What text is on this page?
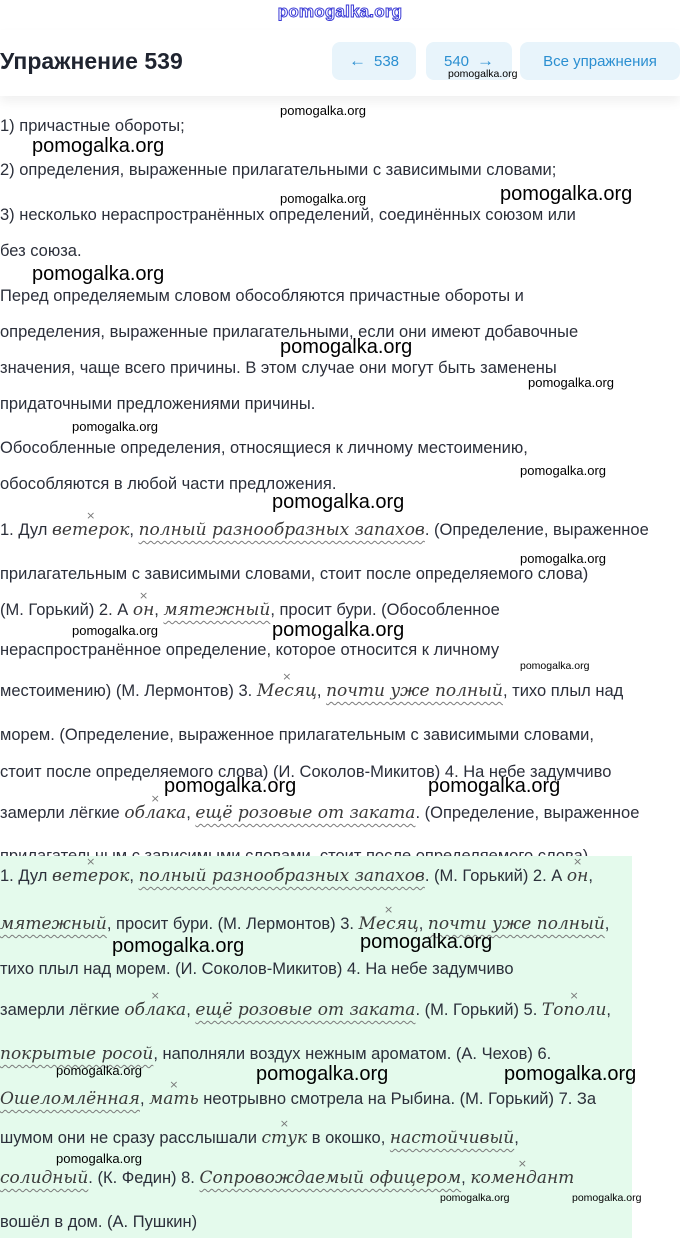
pomogalka.org
Упражнение 539	← 538	540 →	Все упражнения
1) причастные обороты;
2) определения, выраженные прилагательными с зависимыми словами;
3) несколько нераспространённых определений, соединённых союзом или
без союза.
Перед определяемым словом обособляются причастные обороты и
определения, выраженные прилагательными, если они имеют добавочные
значения, чаще всего причины. В этом случае они могут быть заменены
придаточными предложениями причины.
Обособленные определения, относящиеся к личному местоимению,
обособляются в любой части предложения.
1. Дул × ветерок, полный разнообразных запахов. (Определение, выраженное
прилагательным с зависимыми словами, стоит после определяемого слова)
(М. Горький) 2. А × он, мятежный, просит бури. (Обособленное
нераспространённое определение, которое относится к личному
местоимению) (М. Лермонтов) 3. × Месяц, почти уже полный, тихо плыл над
морем. (Определение, выраженное прилагательным с зависимыми словами,
стоит после определяемого слова) (И. Соколов-Микитов) 4. На небе задумчиво
замерли лёгкие × облака, ещё розовые от заката. (Определение, выраженное
1. Дул × ветерок, полный разнообразных запахов. (М. Горький) 2. А × он,
мятежный, просит бури. (М. Лермонтов) 3. × Месяц, почти уже полный,
тихо плыл над морем. (И. Соколов-Микитов) 4. На небе задумчиво
замерли лёгкие × облака, ещё розовые от заката. (М. Горький) 5. × Тополи,
покрытые росой, наполняли воздух нежным ароматом. (А. Чехов) 6.
Ошеломлённая, × мать неотрывно смотрела на Рыбина. (М. Горький) 7. За
шумом они не сразу расслышали × стук в окошко, настойчивый,
солидный. (К. Федин) 8. Сопровождаемый офицером, × комендант
вошёл в дом. (А. Пушкин)
pomogalka.org
pomogalka.org
pomogalka.org
pomogalka.org	pomogalka.org
pomogalka.org
pomogalka.org
pomogalka.org
pomogalka.org
pomogalka.org
pomogalka.org
pomogalka.org
pomogalka.org	pomogalka.org
pomogalka.org
pomogalka.org	pomogalka.org
pomogalka.org	pomogalka.org
pomogalka.org	pomogalka.org	pomogalka.org
pomogalka.org
pomogalka.org	pomogalka.org
